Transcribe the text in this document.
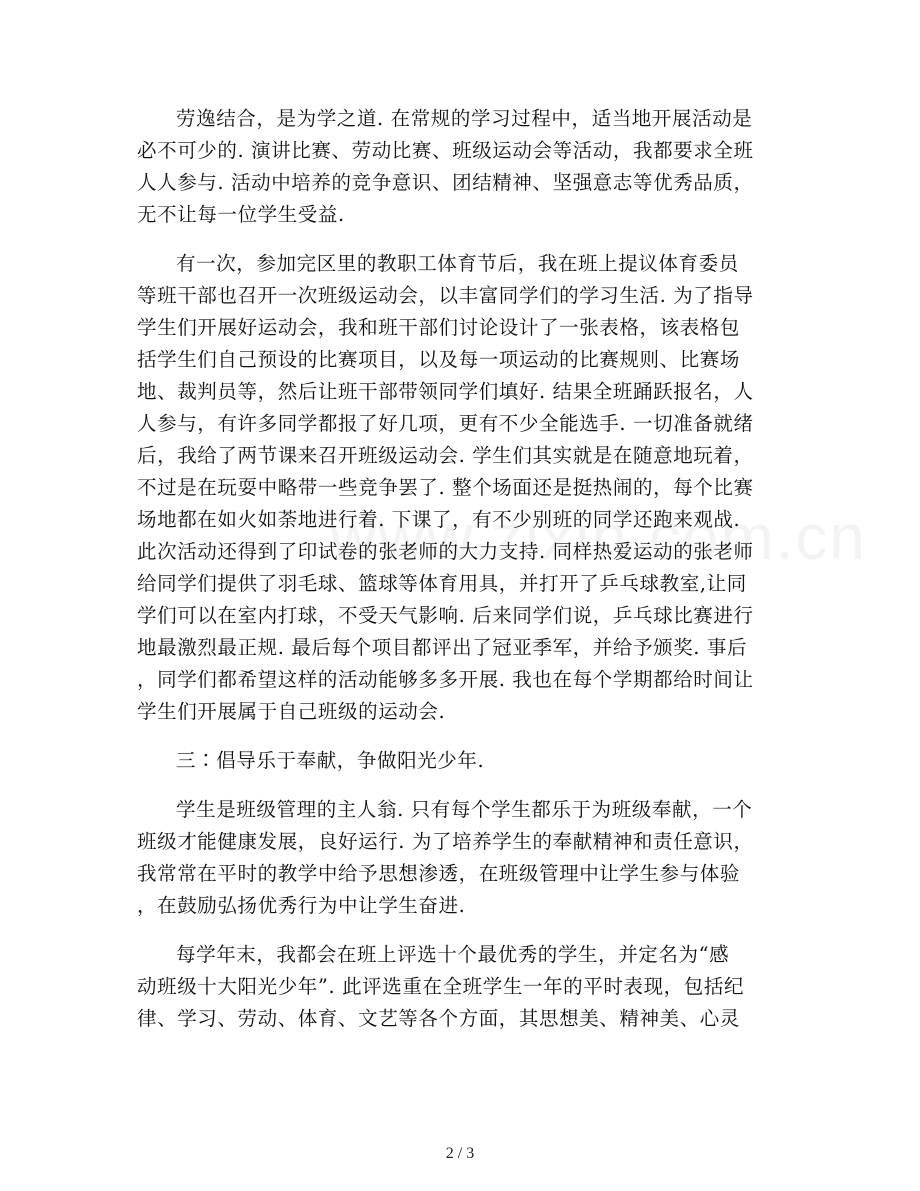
劳逸结合，是为学之道. 在常规的学习过程中，适当地开展活动是
必不可少的. 演讲比赛、劳动比赛、班级运动会等活动，我都要求全班
人人参与. 活动中培养的竞争意识、团结精神、坚强意志等优秀品质，
无不让每一位学生受益.
有一次，参加完区里的教职工体育节后，我在班上提议体育委员
等班干部也召开一次班级运动会，以丰富同学们的学习生活. 为了指导
学生们开展好运动会，我和班干部们讨论设计了一张表格，该表格包
括学生们自己预设的比赛项目，以及每一项运动的比赛规则、比赛场
地、裁判员等，然后让班干部带领同学们填好. 结果全班踊跃报名，人
人参与，有许多同学都报了好几项，更有不少全能选手. 一切准备就绪
后，我给了两节课来召开班级运动会. 学生们其实就是在随意地玩着，
不过是在玩耍中略带一些竞争罢了. 整个场面还是挺热闹的，每个比赛
场地都在如火如荼地进行着. 下课了，有不少别班的同学还跑来观战.
此次活动还得到了印试卷的张老师的大力支持. 同样热爱运动的张老师
给同学们提供了羽毛球、篮球等体育用具，并打开了乒乓球教室,让同
学们可以在室内打球，不受天气影响. 后来同学们说，乒乓球比赛进行
地最激烈最正规. 最后每个项目都评出了冠亚季军，并给予颁奖. 事后
，同学们都希望这样的活动能够多多开展. 我也在每个学期都给时间让
学生们开展属于自己班级的运动会.
三∶倡导乐于奉献，争做阳光少年.
学生是班级管理的主人翁. 只有每个学生都乐于为班级奉献，一个
班级才能健康发展，良好运行. 为了培养学生的奉献精神和责任意识，
我常常在平时的教学中给予思想渗透，在班级管理中让学生参与体验
，在鼓励弘扬优秀行为中让学生奋进.
每学年末，我都会在班上评选十个最优秀的学生，并定名为“感
动班级十大阳光少年”. 此评选重在全班学生一年的平时表现，包括纪
律、学习、劳动、体育、文艺等各个方面，其思想美、精神美、心灵
2 / 3
